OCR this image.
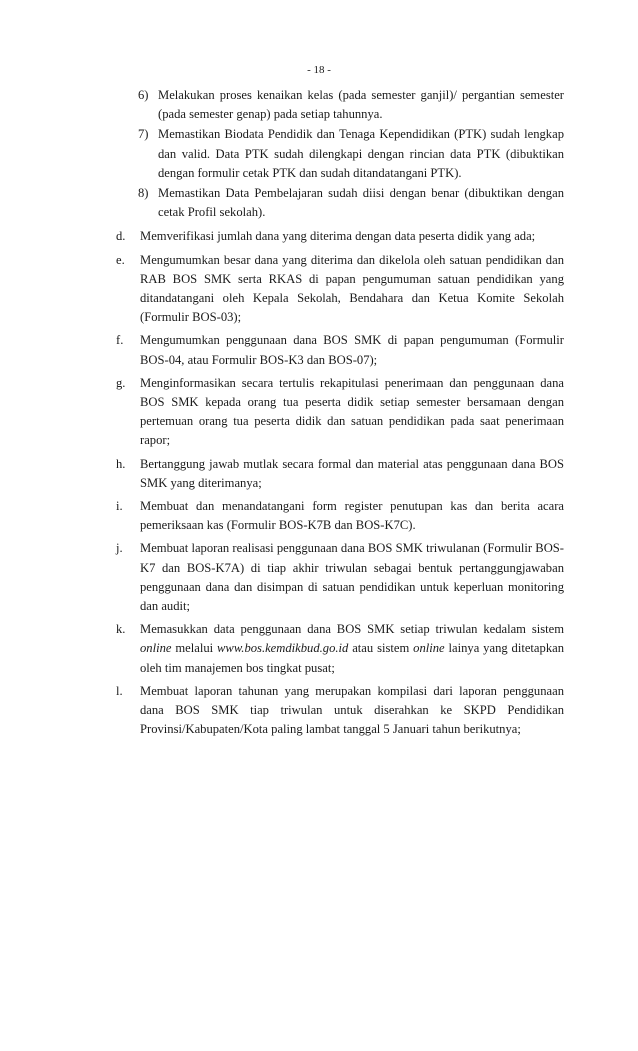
- 18 -
6) Melakukan proses kenaikan kelas (pada semester ganjil)/ pergantian semester (pada semester genap) pada setiap tahunnya.
7) Memastikan Biodata Pendidik dan Tenaga Kependidikan (PTK) sudah lengkap dan valid. Data PTK sudah dilengkapi dengan rincian data PTK (dibuktikan dengan formulir cetak PTK dan sudah ditandatangani PTK).
8) Memastikan Data Pembelajaran sudah diisi dengan benar (dibuktikan dengan cetak Profil sekolah).
d.	Memverifikasi jumlah dana yang diterima dengan data peserta didik yang ada;
e.	Mengumumkan besar dana yang diterima dan dikelola oleh satuan pendidikan dan RAB BOS SMK serta RKAS di papan pengumuman satuan pendidikan yang ditandatangani oleh Kepala Sekolah, Bendahara dan Ketua Komite Sekolah (Formulir BOS-03);
f.	Mengumumkan penggunaan dana BOS SMK di papan pengumuman (Formulir BOS-04, atau Formulir BOS-K3 dan BOS-07);
g.	Menginformasikan secara tertulis rekapitulasi penerimaan dan penggunaan dana BOS SMK kepada orang tua peserta didik setiap semester bersamaan dengan pertemuan orang tua peserta didik dan satuan pendidikan pada saat penerimaan rapor;
h.	Bertanggung jawab mutlak secara formal dan material atas penggunaan dana BOS SMK yang diterimanya;
i.	Membuat dan menandatangani form register penutupan kas dan berita acara pemeriksaan kas (Formulir BOS-K7B dan BOS-K7C).
j.	Membuat laporan realisasi penggunaan dana BOS SMK triwulanan (Formulir BOS-K7 dan BOS-K7A) di tiap akhir triwulan sebagai bentuk pertanggungjawaban penggunaan dana dan disimpan di satuan pendidikan untuk keperluan monitoring dan audit;
k.	Memasukkan data penggunaan dana BOS SMK setiap triwulan kedalam sistem online melalui www.bos.kemdikbud.go.id atau sistem online lainya yang ditetapkan oleh tim manajemen bos tingkat pusat;
l.	Membuat laporan tahunan yang merupakan kompilasi dari laporan penggunaan dana BOS SMK tiap triwulan untuk diserahkan ke SKPD Pendidikan Provinsi/Kabupaten/Kota paling lambat tanggal 5 Januari tahun berikutnya;
